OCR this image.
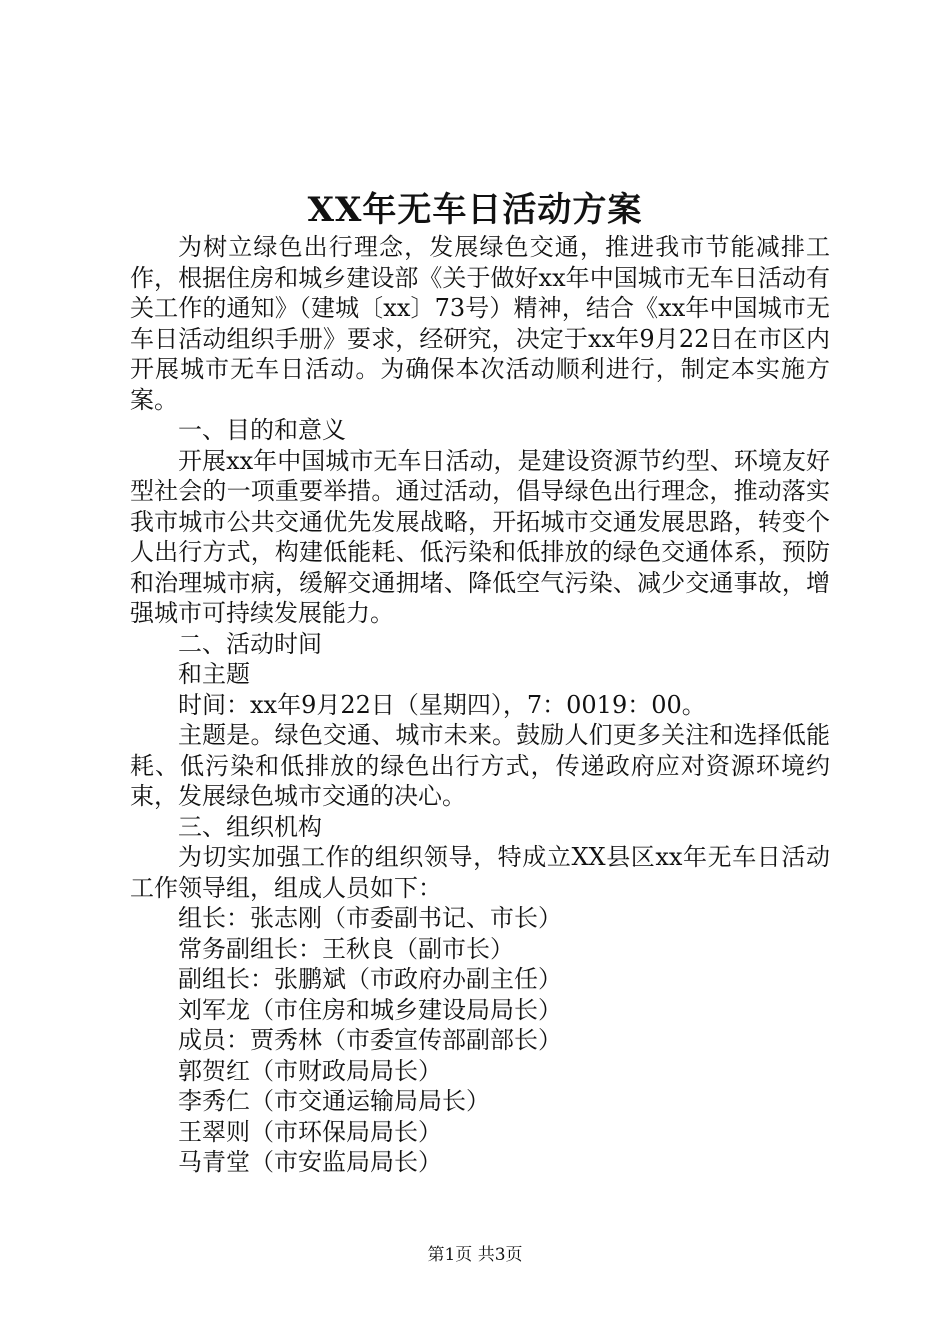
XX年无车日活动方案

为树立绿色出行理念，发展绿色交通，推进我市节能减排工作，根据住房和城乡建设部《关于做好xx年中国城市无车日活动有关工作的通知》（建城〔xx〕73号）精神，结合《xx年中国城市无车日活动组织手册》要求，经研究，决定于xx年9月22日在市区内开展城市无车日活动。为确保本次活动顺利进行，制定本实施方案。

一、目的和意义

开展xx年中国城市无车日活动，是建设资源节约型、环境友好型社会的一项重要举措。通过活动，倡导绿色出行理念，推动落实我市城市公共交通优先发展战略，开拓城市交通发展思路，转变个人出行方式，构建低能耗、低污染和低排放的绿色交通体系，预防和治理城市病，缓解交通拥堵、降低空气污染、减少交通事故，增强城市可持续发展能力。

二、活动时间

和主题

时间：xx年9月22日（星期四），7：0019：00。

主题是。绿色交通、城市未来。鼓励人们更多关注和选择低能耗、低污染和低排放的绿色出行方式，传递政府应对资源环境约束，发展绿色城市交通的决心。

三、组织机构

为切实加强工作的组织领导，特成立XX县区xx年无车日活动工作领导组，组成人员如下：

组长：张志刚（市委副书记、市长）

常务副组长：王秋良（副市长）

副组长：张鹏斌（市政府办副主任）

刘军龙（市住房和城乡建设局局长）

成员：贾秀林（市委宣传部副部长）

郭贺红（市财政局局长）

李秀仁（市交通运输局局长）

王翠则（市环保局局长）

马青堂（市安监局局长）

第1页 共3页
